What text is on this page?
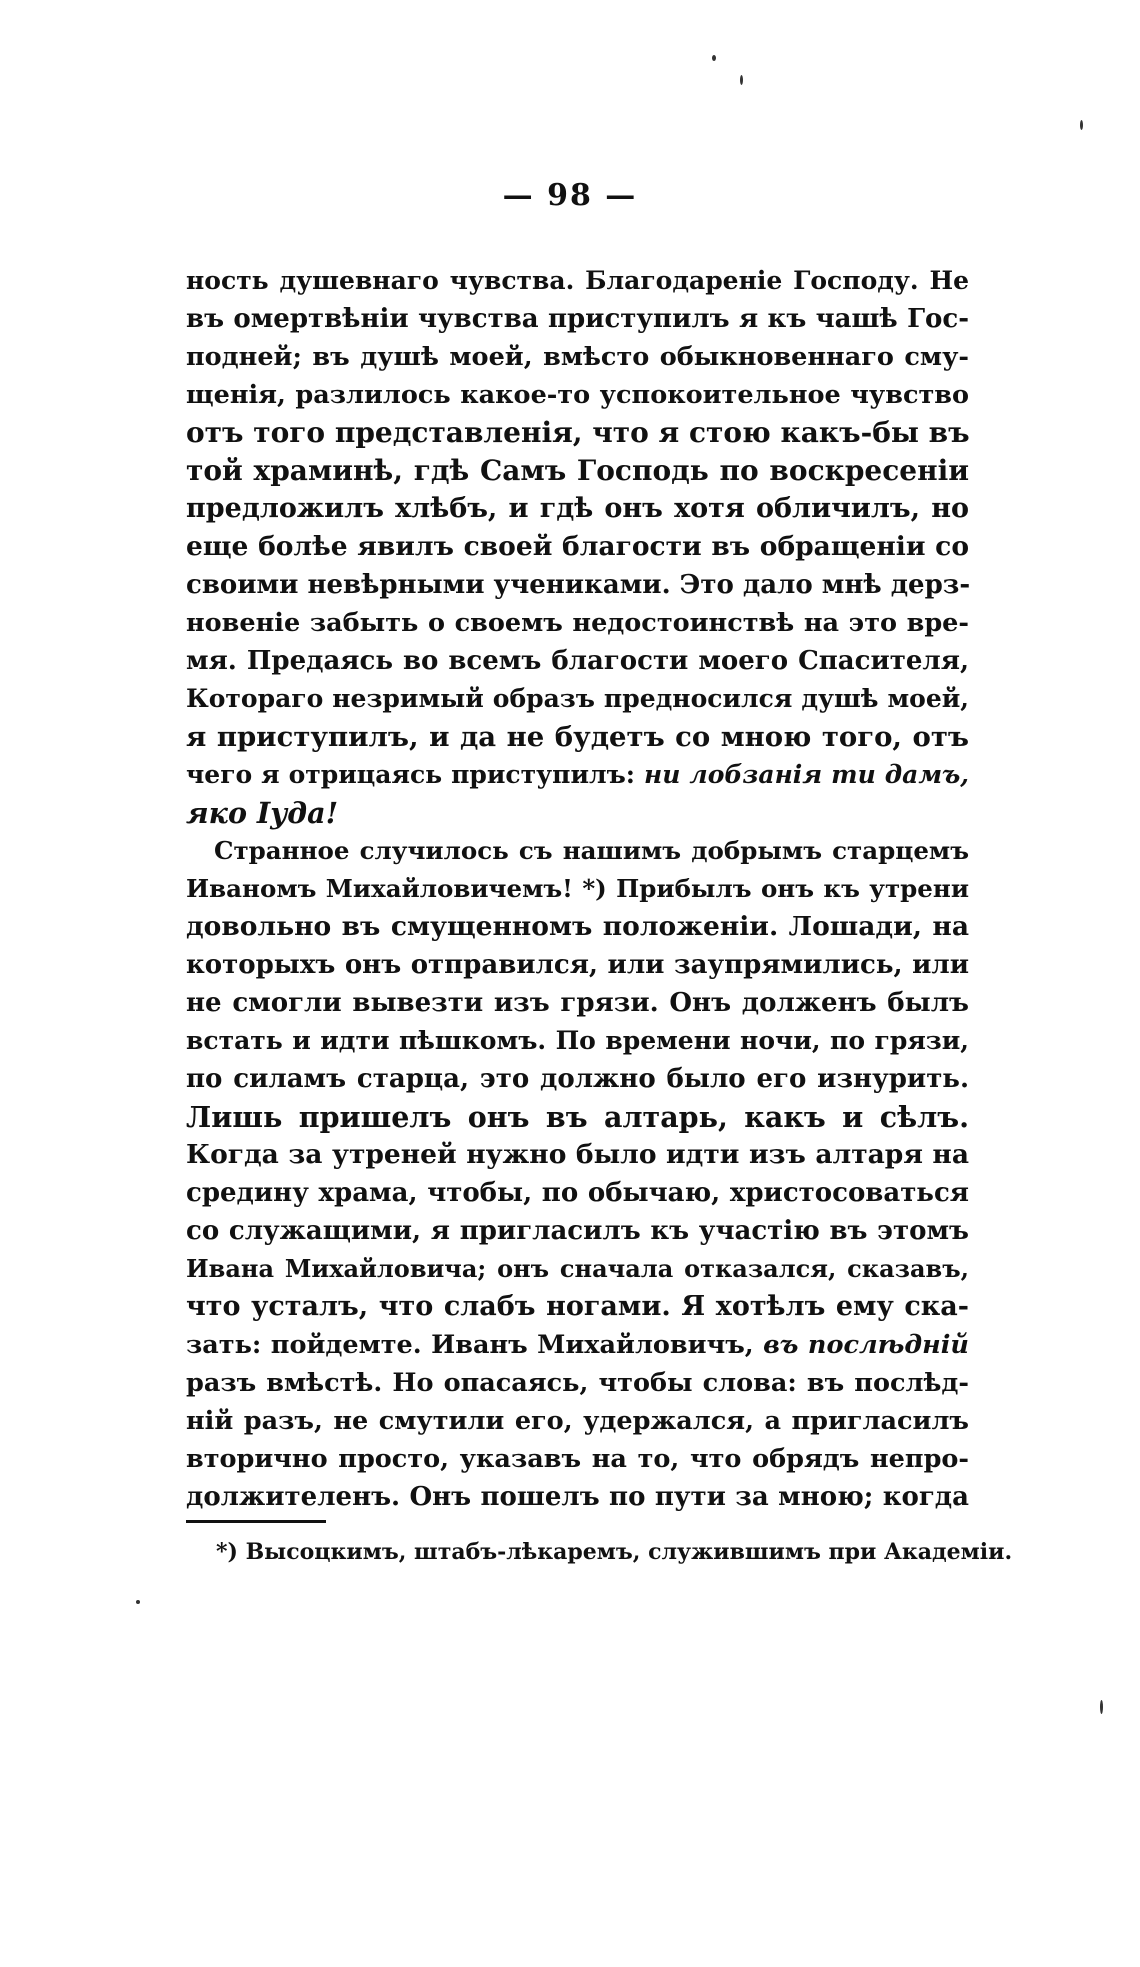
— 98 —
ность душевнаго чувства. Благодареніе Господу. Не
въ омертвѣніи чувства приступилъ я къ чашѣ Гос-
подней; въ душѣ моей, вмѣсто обыкновеннаго сму-
щенія, разлилось какое-то успокоительное чувство
отъ того представленія, что я стою какъ-бы въ
той храминѣ, гдѣ Самъ Господь по воскресеніи
предложилъ хлѣбъ, и гдѣ онъ хотя обличилъ, но
еще болѣе явилъ своей благости въ обращеніи со
своими невѣрными учениками. Это дало мнѣ дерз-
новеніе забыть о своемъ недостоинствѣ на это вре-
мя. Предаясь во всемъ благости моего Спасителя,
Котораго незримый образъ предносился душѣ моей,
я приступилъ, и да не будетъ со мною того, отъ
чего я отрицаясь приступилъ: ни лобзанія ти дамъ,
яко Іуда!
Странное случилось съ нашимъ добрымъ старцемъ
Иваномъ Михайловичемъ! *) Прибылъ онъ къ утрени
довольно въ смущенномъ положеніи. Лошади, на
которыхъ онъ отправился, или заупрямились, или
не смогли вывезти изъ грязи. Онъ долженъ былъ
встать и идти пѣшкомъ. По времени ночи, по грязи,
по силамъ старца, это должно было его изнурить.
Лишь пришелъ онъ въ алтарь, какъ и сѣлъ.
Когда за утреней нужно было идти изъ алтаря на
средину храма, чтобы, по обычаю, христосоваться
со служащими, я пригласилъ къ участію въ этомъ
Ивана Михайловича; онъ сначала отказался, сказавъ,
что усталъ, что слабъ ногами. Я хотѣлъ ему ска-
зать: пойдемте. Иванъ Михайловичъ, въ послѣдній
разъ вмѣстѣ. Но опасаясь, чтобы слова: въ послѣд-
ній разъ, не смутили его, удержался, а пригласилъ
вторично просто, указавъ на то, что обрядъ непро-
должителенъ. Онъ пошелъ по пути за мною; когда
*) Высоцкимъ, штабъ-лѣкаремъ, служившимъ при Академіи.
